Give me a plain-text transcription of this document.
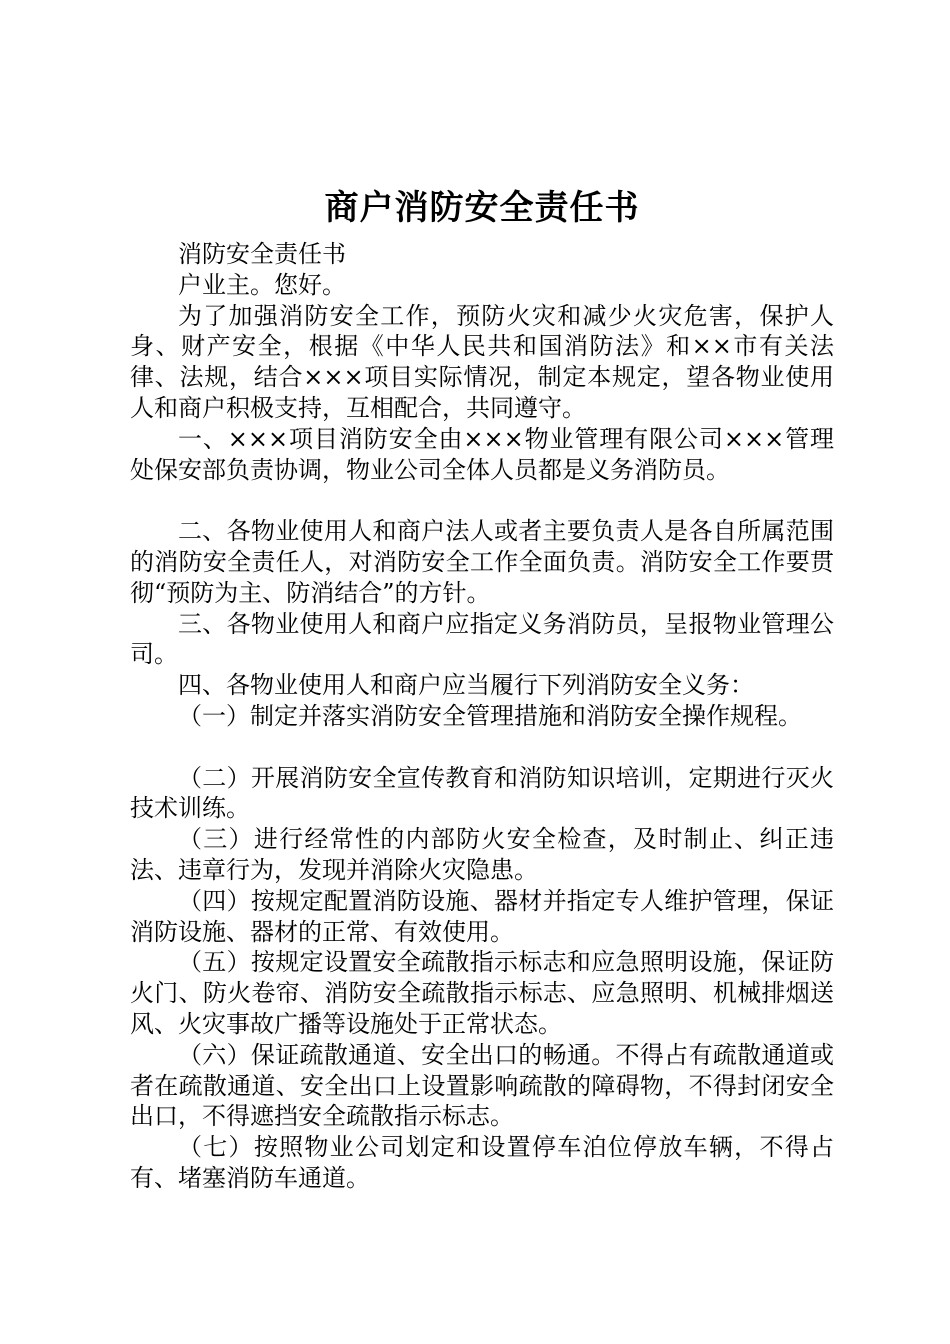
商户消防安全责任书

消防安全责任书

户业主。您好。

为了加强消防安全工作，预防火灾和减少火灾危害，保护人身、财产安全，根据《中华人民共和国消防法》和××市有关法律、法规，结合×××项目实际情况，制定本规定，望各物业使用人和商户积极支持，互相配合，共同遵守。

一、×××项目消防安全由×××物业管理有限公司×××管理处保安部负责协调，物业公司全体人员都是义务消防员。

二、各物业使用人和商户法人或者主要负责人是各自所属范围的消防安全责任人，对消防安全工作全面负责。消防安全工作要贯彻“预防为主、防消结合”的方针。

三、各物业使用人和商户应指定义务消防员，呈报物业管理公司。

四、各物业使用人和商户应当履行下列消防安全义务：

（一）制定并落实消防安全管理措施和消防安全操作规程。

（二）开展消防安全宣传教育和消防知识培训，定期进行灭火技术训练。

（三）进行经常性的内部防火安全检查，及时制止、纠正违法、违章行为，发现并消除火灾隐患。

（四）按规定配置消防设施、器材并指定专人维护管理，保证消防设施、器材的正常、有效使用。

（五）按规定设置安全疏散指示标志和应急照明设施，保证防火门、防火卷帘、消防安全疏散指示标志、应急照明、机械排烟送风、火灾事故广播等设施处于正常状态。

（六）保证疏散通道、安全出口的畅通。不得占有疏散通道或者在疏散通道、安全出口上设置影响疏散的障碍物，不得封闭安全出口，不得遮挡安全疏散指示标志。

（七）按照物业公司划定和设置停车泊位停放车辆，不得占有、堵塞消防车通道。
